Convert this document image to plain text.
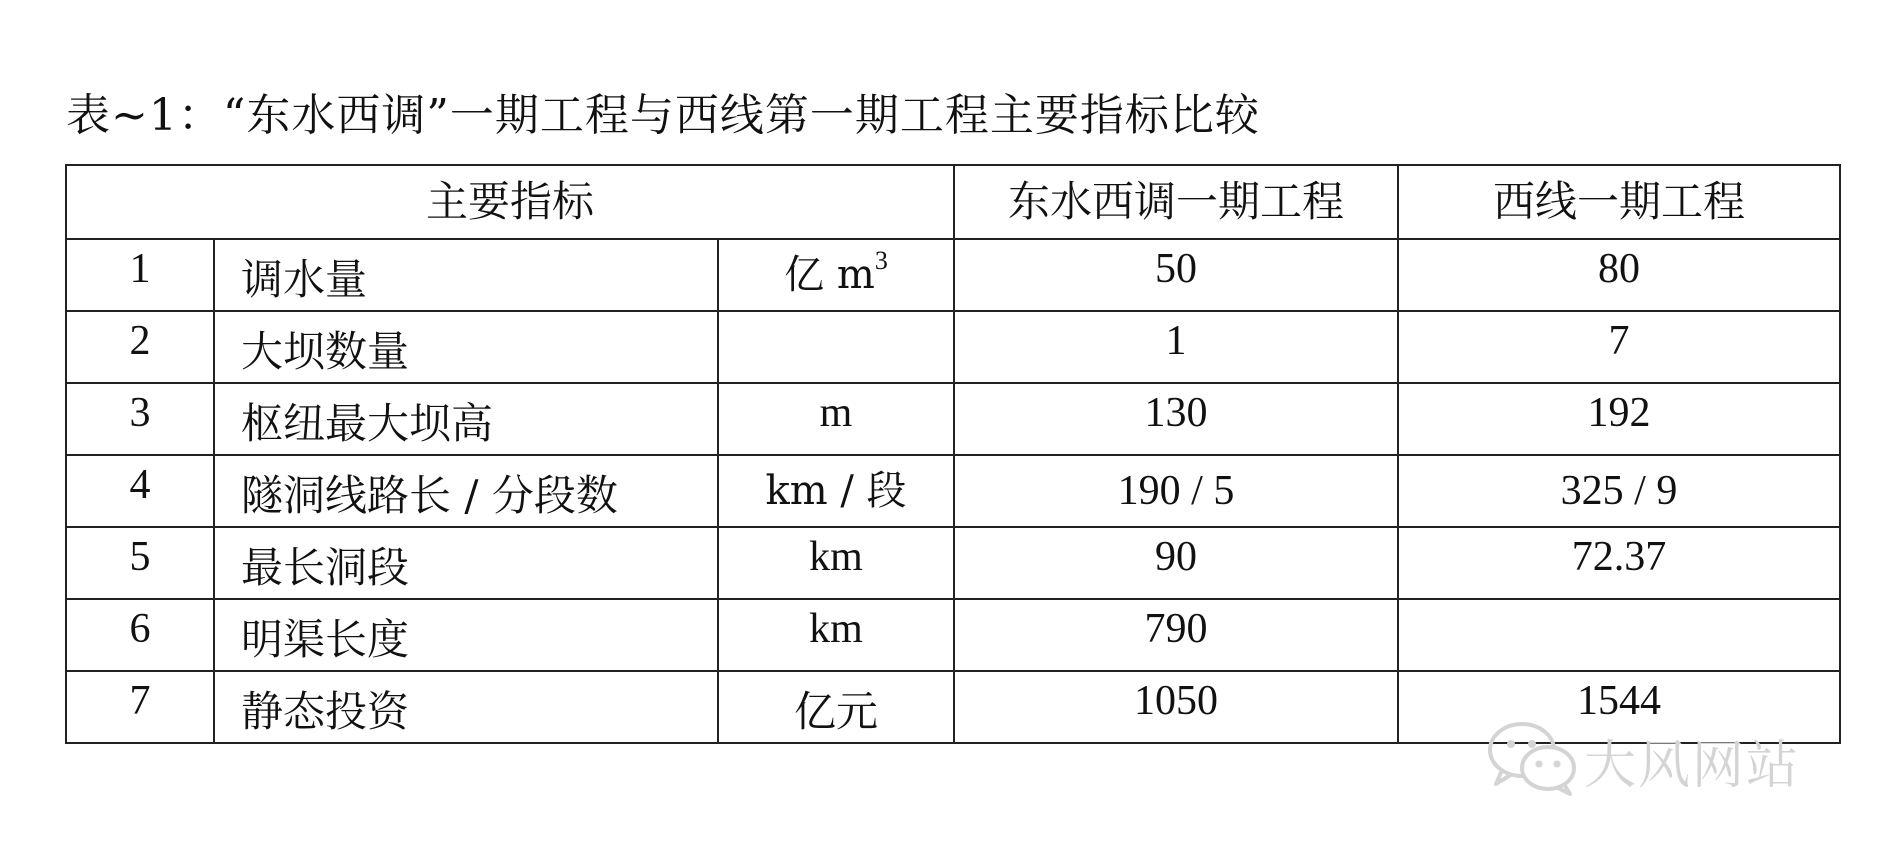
表~1：“东水西调”一期工程与西线第一期工程主要指标比较
主要指标			东水西调一期工程	西线一期工程
1	调水量	亿 $m^3$	50	80
2	大坝数量		1	7
3	枢纽最大坝高	m	130	192
4	隧洞线路长 / 分段数	km / 段	190 / 5	325 / 9
5	最长洞段	km	90	72.37
6	明渠长度	km	790	
7	静态投资	亿元	1050	1544
大风网站
